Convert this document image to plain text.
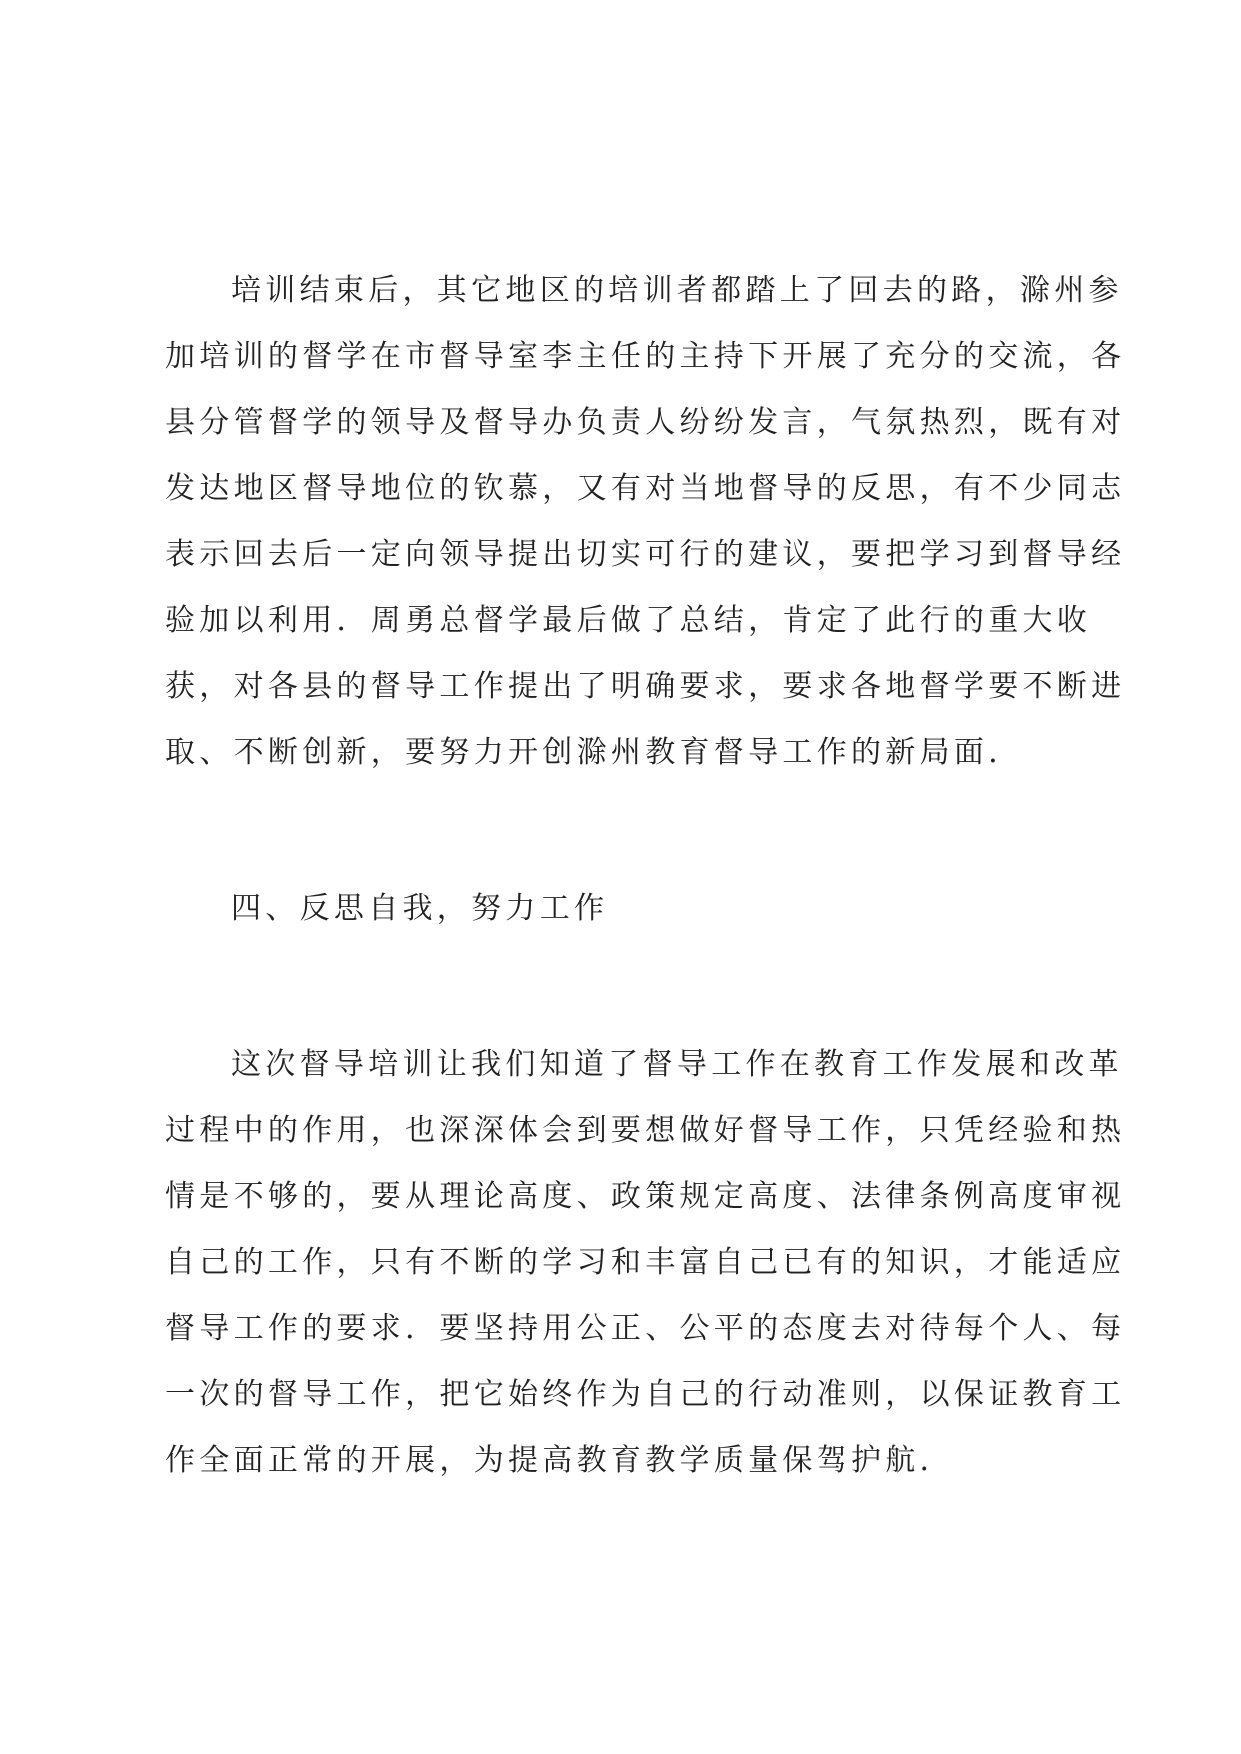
培训结束后，其它地区的培训者都踏上了回去的路，滁州参
加培训的督学在市督导室李主任的主持下开展了充分的交流，各
县分管督学的领导及督导办负责人纷纷发言，气氛热烈，既有对
发达地区督导地位的钦慕，又有对当地督导的反思，有不少同志
表示回去后一定向领导提出切实可行的建议，要把学习到督导经
验加以利用．周勇总督学最后做了总结，肯定了此行的重大收
获，对各县的督导工作提出了明确要求，要求各地督学要不断进
取、不断创新，要努力开创滁州教育督导工作的新局面．
四、反思自我，努力工作
这次督导培训让我们知道了督导工作在教育工作发展和改革
过程中的作用，也深深体会到要想做好督导工作，只凭经验和热
情是不够的，要从理论高度、政策规定高度、法律条例高度审视
自己的工作，只有不断的学习和丰富自己已有的知识，才能适应
督导工作的要求．要坚持用公正、公平的态度去对待每个人、每
一次的督导工作，把它始终作为自己的行动准则，以保证教育工
作全面正常的开展，为提高教育教学质量保驾护航．
